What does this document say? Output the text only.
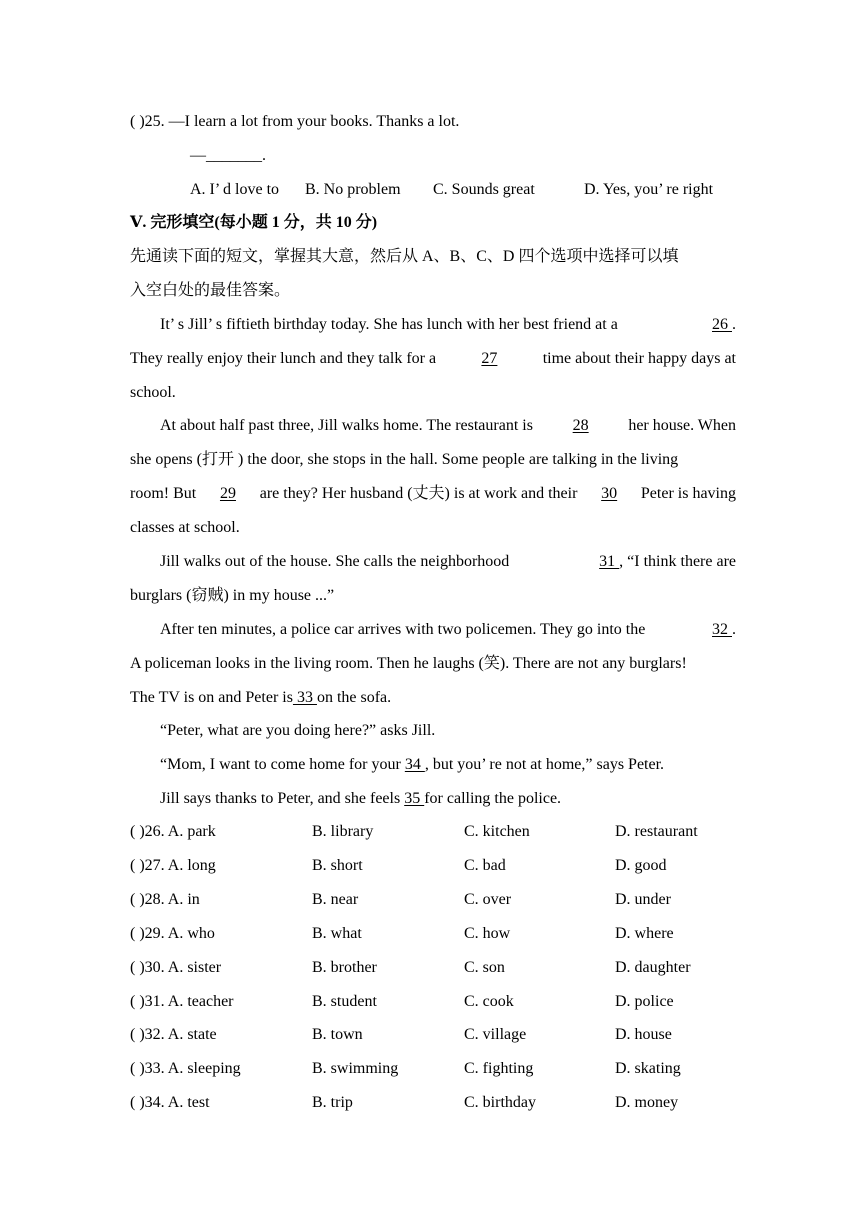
( )25. —I learn a lot from your books. Thanks a lot.
—_______.
A. I’ d love to B. No problem C. Sounds great	D. Yes, you’ re right
Ⅴ. 完形填空(每小题 1 分，共 10 分)
先通读下面的短文，掌握其大意，然后从 A、B、C、D 四个选项中选择可以填
入空白处的最佳答案。
It’ s Jill’ s fiftieth birthday today. She has lunch with her best friend at a	26 .
They really enjoy their lunch and they talk for a	27	time about their happy days at
school.
At about half past three, Jill walks home. The restaurant is 28 her house. When
she opens (打开 ) the door, she stops in the hall. Some people are talking in the living
room! But 29 are they? Her husband (丈夫) is at work and their 30 Peter is having
classes at school.
Jill walks out of the house. She calls the neighborhood	31 , “I think there are
burglars (窃贼) in my house ...”
After ten minutes, a police car arrives with two policemen. They go into the	32 .
A policeman looks in the living room. Then he laughs (笑). There are not any burglars!
The TV is on and Peter is 33 on the sofa.
“Peter, what are you doing here?” asks Jill.
“Mom, I want to come home for your 34 , but you’ re not at home,” says Peter.
Jill says thanks to Peter, and she feels 35 for calling the police.
( )26. A. park	B. library	C. kitchen	D. restaurant
( )27. A. long	B. short	C. bad	D. good
( )28. A. in	B. near	C. over	D. under
( )29. A. who	B. what	C. how	D. where
( )30. A. sister	B. brother	C. son	D. daughter
( )31. A. teacher	B. student	C. cook	D. police
( )32. A. state	B. town	C. village	D. house
( )33. A. sleeping	B. swimming	C. fighting	D. skating
( )34. A. test	B. trip	C. birthday	D. money
